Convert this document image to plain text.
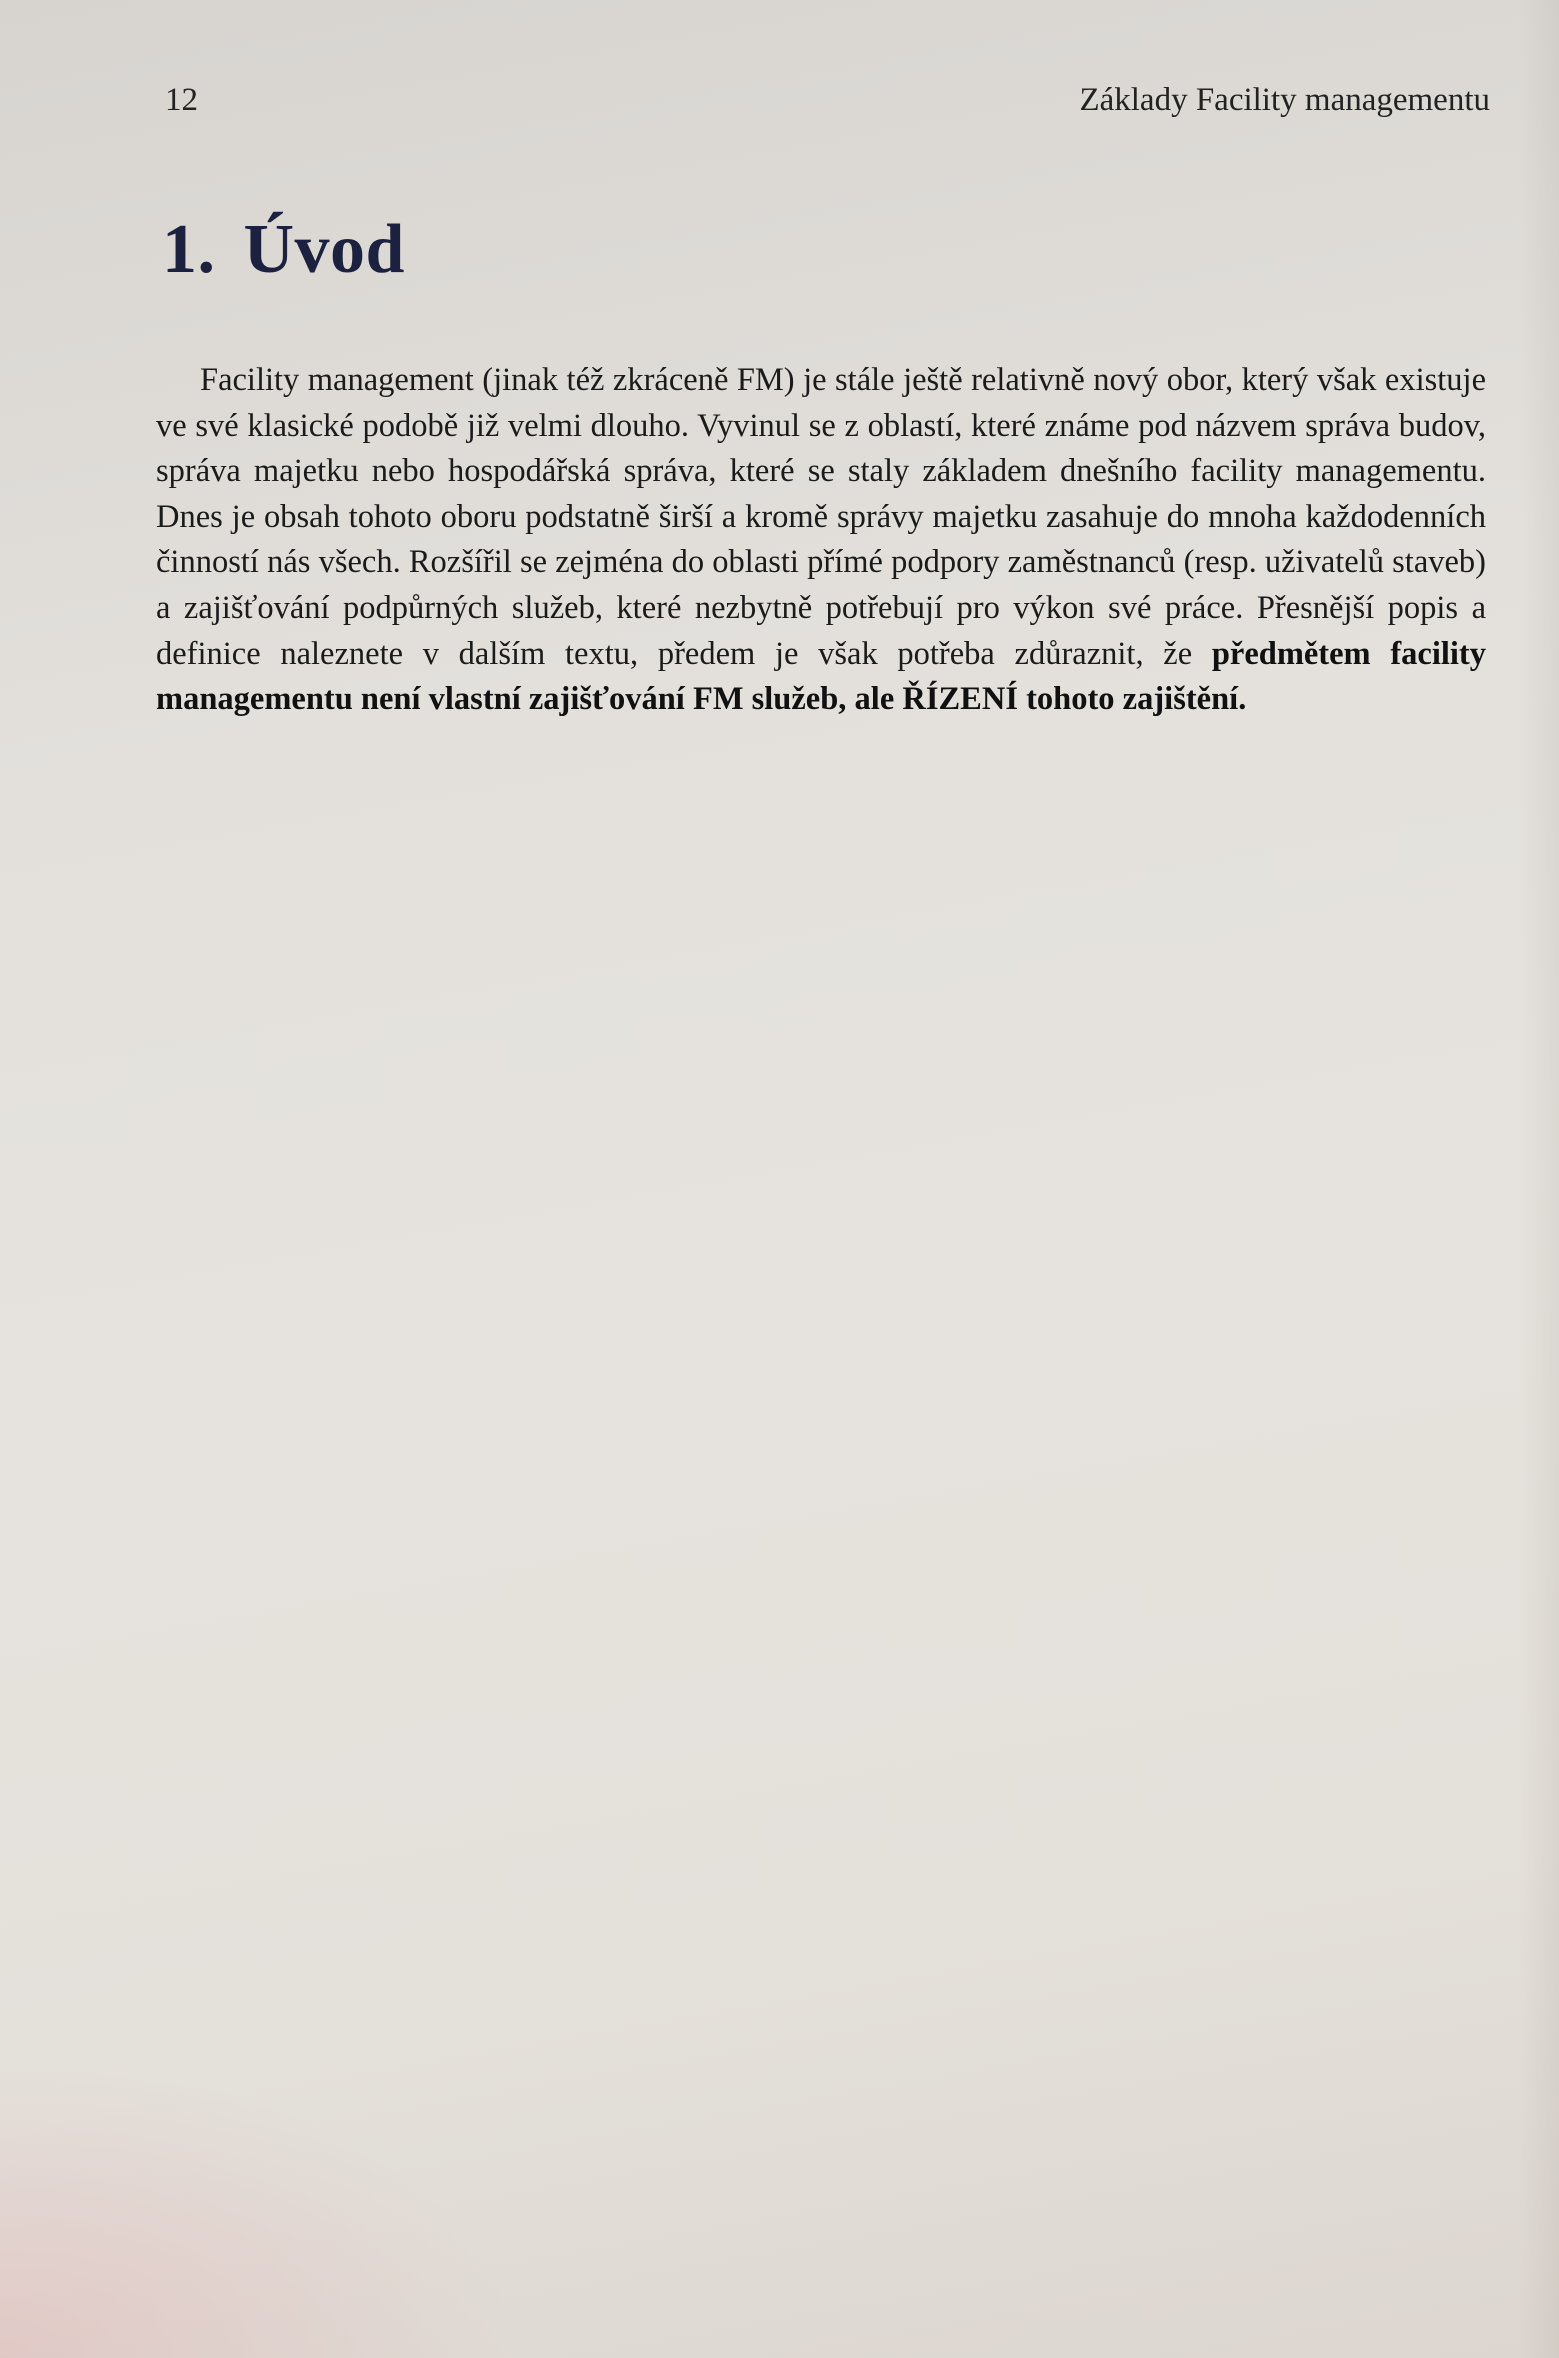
12	Základy Facility managementu
1. Úvod

Facility management (jinak též zkráceně FM) je stále ještě relativně nový obor, který však existuje ve své klasické podobě již velmi dlouho. Vyvinul se z oblastí, které známe pod názvem správa budov, správa majetku nebo hospodářská správa, které se staly základem dnešního facility managementu. Dnes je obsah tohoto oboru podstatně širší a kromě správy majetku zasahuje do mnoha každodenních činností nás všech. Rozšířil se zejména do oblasti přímé podpory zaměstnanců (resp. uživatelů staveb) a zajišťování podpůrných služeb, které nezbytně potřebují pro výkon své práce. Přesnější popis a definice naleznete v dalším textu, předem je však potřeba zdůraznit, že předmětem facility managementu není vlastní zajišťování FM služeb, ale ŘÍZENÍ tohoto zajištění.
